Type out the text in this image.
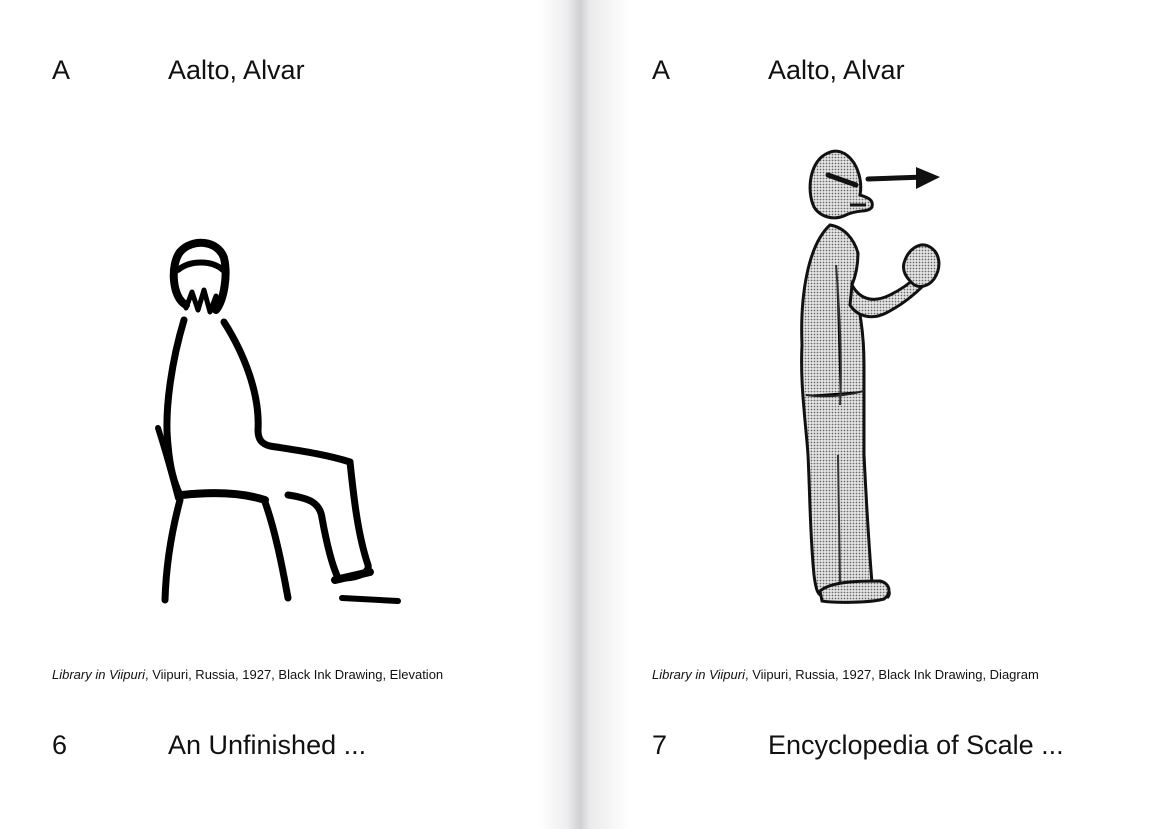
A	Aalto, Alvar
Library in Viipuri, Viipuri, Russia, 1927, Black Ink Drawing, Elevation
6	An Unfinished ...
A	Aalto, Alvar
Library in Viipuri, Viipuri, Russia, 1927, Black Ink Drawing, Diagram
7	Encyclopedia of Scale ...
